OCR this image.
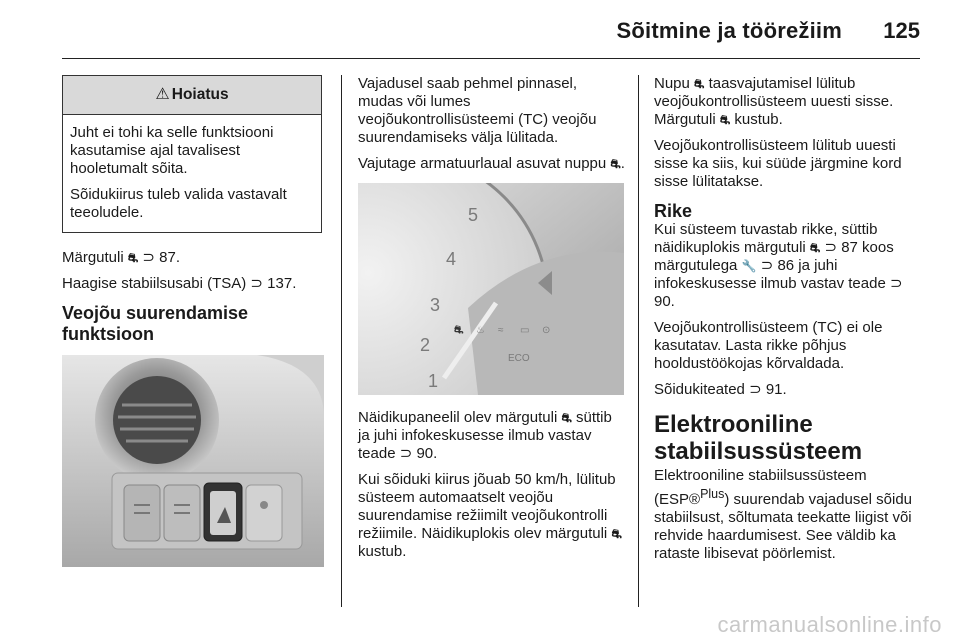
Sõitmine ja töörežiim 125
⚠ Hoiatus

Juht ei tohi ka selle funktsiooni kasutamise ajal tavalisest hooletumalt sõita.

Sõidukiirus tuleb valida vastavalt teeoludele.

Märgutuli ⛐ ⊃ 87.

Haagise stabiilsusabi (TSA) ⊃ 137.

Veojõu suurendamise funktsioon

Vajadusel saab pehmel pinnasel, mudas või lumes veojõukontrollisüsteemi (TC) veojõu suurendamiseks välja lülitada.

Vajutage armatuurlaual asuvat nuppu ⛐.

5
4
3
2
1
⛐ ♨ ≈ ▭ ⊙
ECO

Näidikupaneelil olev märgutuli ⛐ süttib ja juhi infokeskusesse ilmub vastav teade ⊃ 90.

Kui sõiduki kiirus jõuab 50 km/h, lülitub süsteem automaatselt veojõu suurendamise režiimilt veojõukontrolli režiimile. Näidikuplokis olev märgutuli ⛐ kustub.

Nupu ⛐ taasvajutamisel lülitub veojõukontrollisüsteem uuesti sisse. Märgutuli ⛐ kustub.

Veojõukontrollisüsteem lülitub uuesti sisse ka siis, kui süüde järgmine kord sisse lülitatakse.

Rike

Kui süsteem tuvastab rikke, süttib näidikuplokis märgutuli ⛐ ⊃ 87 koos märgutulega 🔧 ⊃ 86 ja juhi infokeskusesse ilmub vastav teade ⊃ 90.

Veojõukontrollisüsteem (TC) ei ole kasutatav. Lasta rikke põhjus hooldustöökojas kõrvaldada.

Sõidukiteated ⊃ 91.

Elektrooniline stabiilsussüsteem

Elektrooniline stabiilsussüsteem (ESP®$^{Plus}$) suurendab vajadusel sõidu stabiilsust, sõltumata teekatte liigist või rehvide haardumisest. See väldib ka rataste libisevat pöörlemist.

carmanualsonline.info
